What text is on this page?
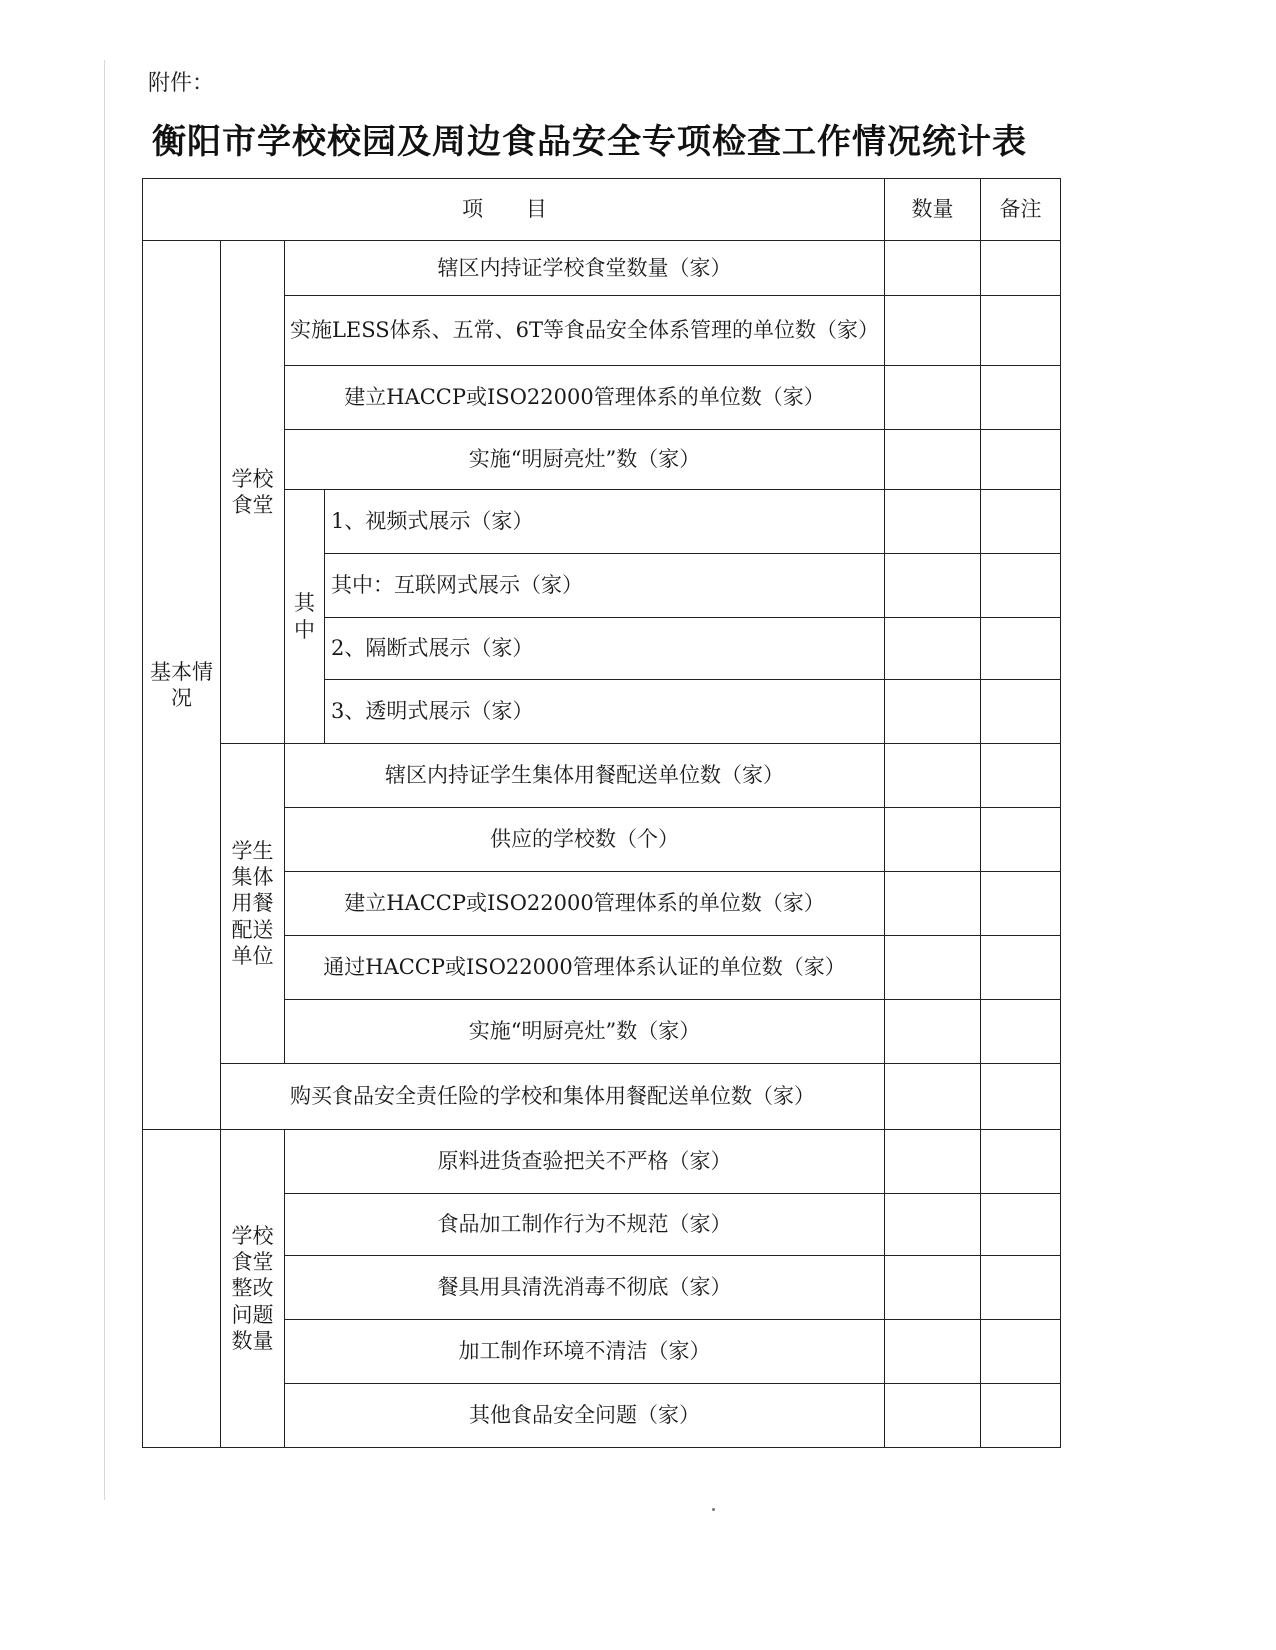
附件：
衡阳市学校校园及周边食品安全专项检查工作情况统计表
项 目				数量	备注
基本情况	学校食堂	辖区内持证学校食堂数量（家）			
		实施LESS体系、五常、6T等食品安全体系管理的单位数（家）			
		建立HACCP或ISO22000管理体系的单位数（家）			
		实施“明厨亮灶”数（家）			
		其中	1、视频式展示（家）		
			其中：互联网式展示（家）		
			2、隔断式展示（家）		
			3、透明式展示（家）		
	学生集体用餐配送单位	辖区内持证学生集体用餐配送单位数（家）			
		供应的学校数（个）			
		建立HACCP或ISO22000管理体系的单位数（家）			
		通过HACCP或ISO22000管理体系认证的单位数（家）			
		实施“明厨亮灶”数（家）			
	购买食品安全责任险的学校和集体用餐配送单位数（家）				
	学校食堂整改问题数量	原料进货查验把关不严格（家）			
		食品加工制作行为不规范（家）			
		餐具用具清洗消毒不彻底（家）			
		加工制作环境不清洁（家）			
		其他食品安全问题（家）			
